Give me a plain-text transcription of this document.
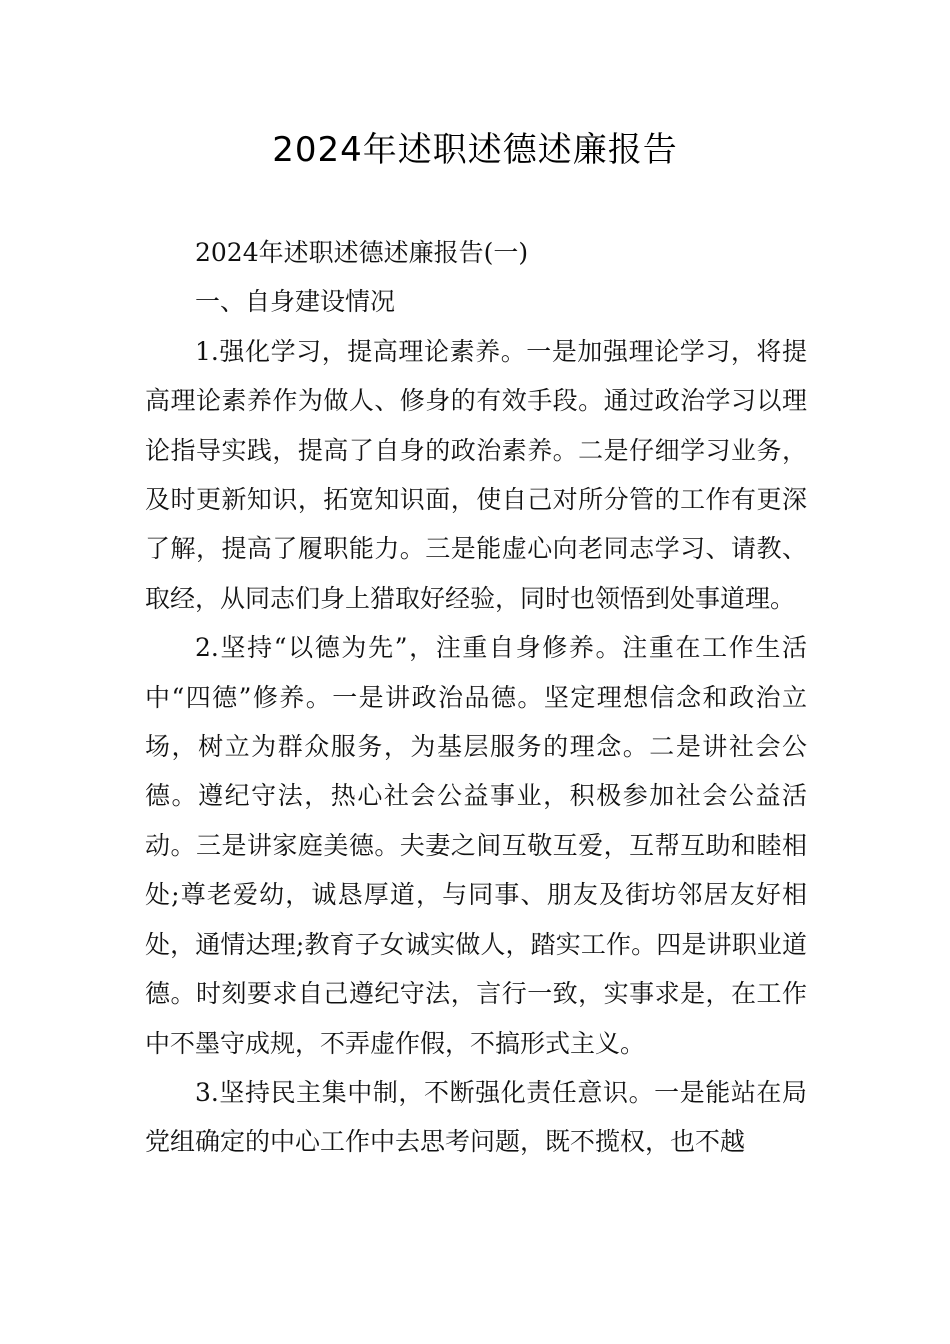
2024年述职述德述廉报告

2024年述职述德述廉报告(一)

一、自身建设情况

1.强化学习，提高理论素养。一是加强理论学习，将提高理论素养作为做人、修身的有效手段。通过政治学习以理论指导实践，提高了自身的政治素养。二是仔细学习业务，及时更新知识，拓宽知识面，使自己对所分管的工作有更深了解，提高了履职能力。三是能虚心向老同志学习、请教、取经，从同志们身上猎取好经验，同时也领悟到处事道理。

2.坚持“以德为先”，注重自身修养。注重在工作生活中“四德”修养。一是讲政治品德。坚定理想信念和政治立场，树立为群众服务，为基层服务的理念。二是讲社会公德。遵纪守法，热心社会公益事业，积极参加社会公益活动。三是讲家庭美德。夫妻之间互敬互爱，互帮互助和睦相处;尊老爱幼，诚恳厚道，与同事、朋友及街坊邻居友好相处，通情达理;教育子女诚实做人，踏实工作。四是讲职业道德。时刻要求自己遵纪守法，言行一致，实事求是，在工作中不墨守成规，不弄虚作假，不搞形式主义。

3.坚持民主集中制，不断强化责任意识。一是能站在局党组确定的中心工作中去思考问题，既不揽权，也不越
